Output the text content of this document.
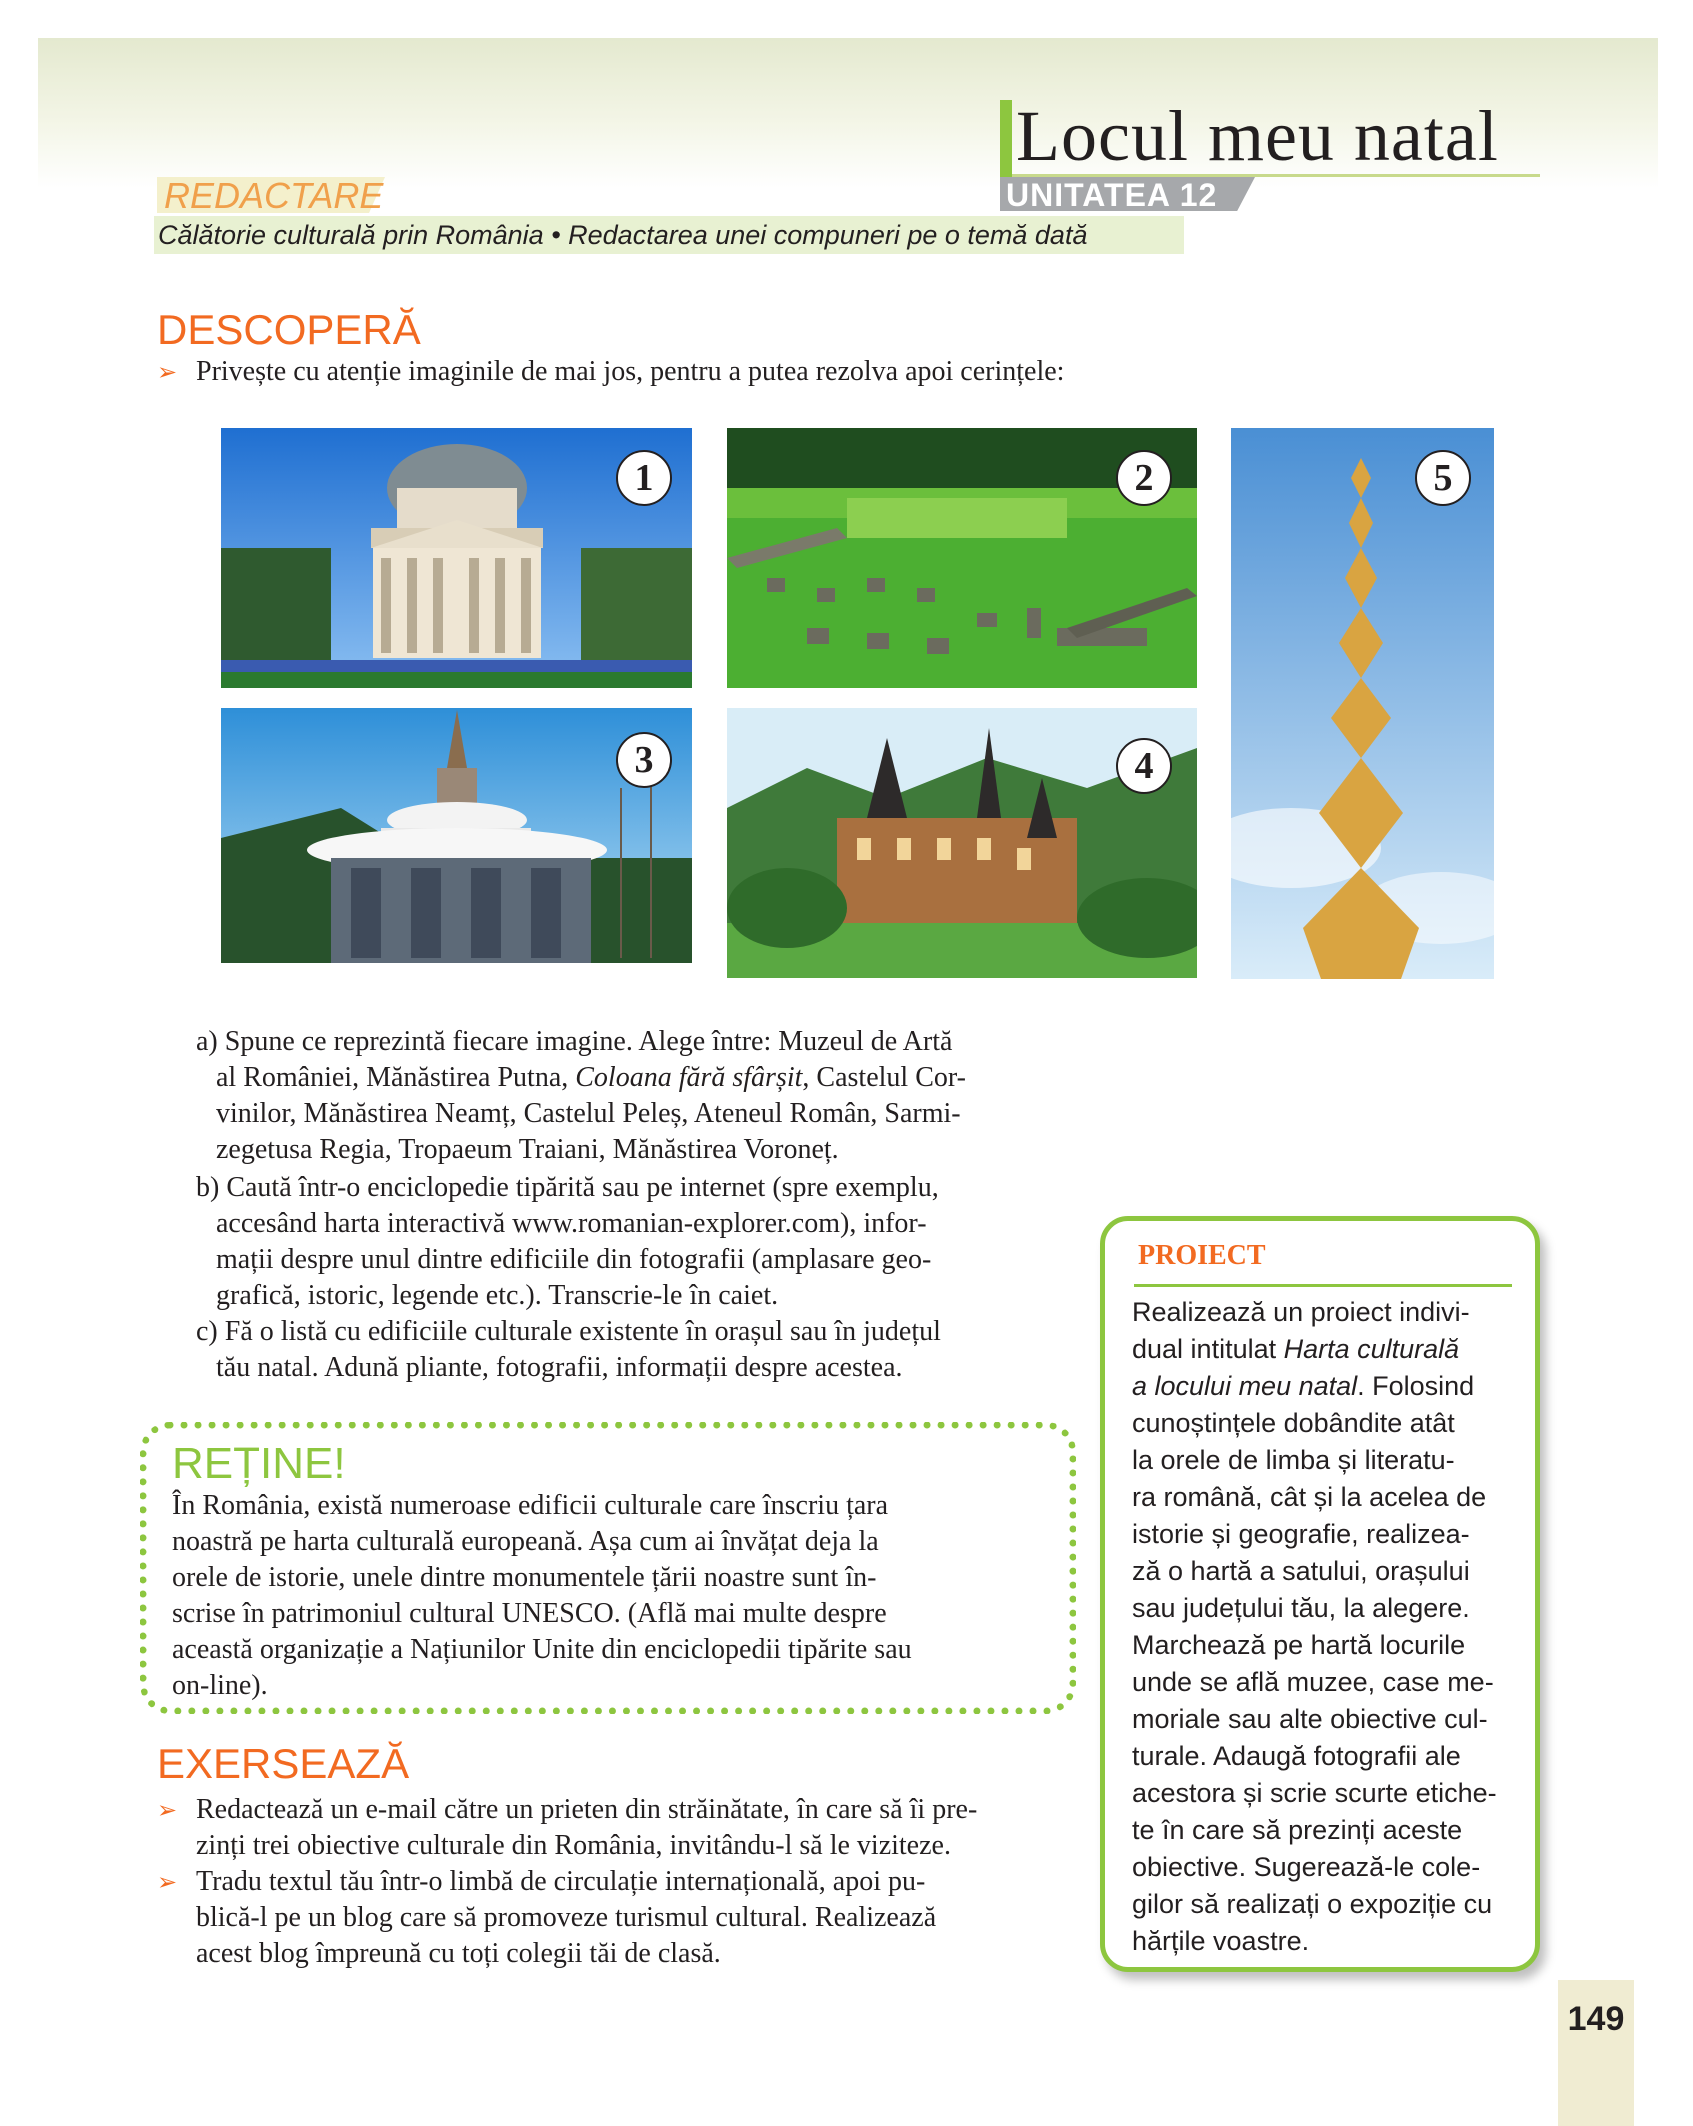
Locul meu natal
UNITATEA 12
REDACTARE
Călătorie culturală prin România • Redactarea unei compuneri pe o temă dată
DESCOPERĂ
➢ Privește cu atenție imaginile de mai jos, pentru a putea rezolva apoi cerințele:
1	2
3	4
5
a) Spune ce reprezintă fiecare imagine. Alege între: Muzeul de Artă
al României, Mănăstirea Putna, Coloana fără sfârșit, Castelul Cor-
vinilor, Mănăstirea Neamț, Castelul Peleș, Ateneul Român, Sarmi-
zegetusa Regia, Tropaeum Traiani, Mănăstirea Voroneț.
b) Caută într-o enciclopedie tipărită sau pe internet (spre exemplu,
accesând harta interactivă www.romanian-explorer.com), infor-
mații despre unul dintre edificiile din fotografii (amplasare geo-
grafică, istoric, legende etc.). Transcrie-le în caiet.
c) Fă o listă cu edificiile culturale existente în orașul sau în județul
tău natal. Adună pliante, fotografii, informații despre acestea.
REȚINE!
În România, există numeroase edificii culturale care înscriu țara
noastră pe harta culturală europeană. Așa cum ai învățat deja la
orele de istorie, unele dintre monumentele țării noastre sunt în-
scrise în patrimoniul cultural UNESCO. (Află mai multe despre
această organizație a Națiunilor Unite din enciclopedii tipărite sau
on-line).
EXERSEAZĂ
➢ Redactează un e-mail către un prieten din străinătate, în care să îi pre-
zinți trei obiective culturale din România, invitându-l să le viziteze.
➢ Tradu textul tău într-o limbă de circulație internațională, apoi pu-
blică-l pe un blog care să promoveze turismul cultural. Realizează
acest blog împreună cu toți colegii tăi de clasă.
PROIECT
Realizează un proiect indivi-
dual intitulat Harta culturală
a locului meu natal. Folosind
cunoștințele dobândite atât
la orele de limba și literatu-
ra română, cât și la acelea de
istorie și geografie, realizea-
ză o hartă a satului, orașului
sau județului tău, la alegere.
Marchează pe hartă locurile
unde se află muzee, case me-
moriale sau alte obiective cul-
turale. Adaugă fotografii ale
acestora și scrie scurte etiche-
te în care să prezinți aceste
obiective. Sugerează-le cole-
gilor să realizați o expoziție cu
hărțile voastre.
149
